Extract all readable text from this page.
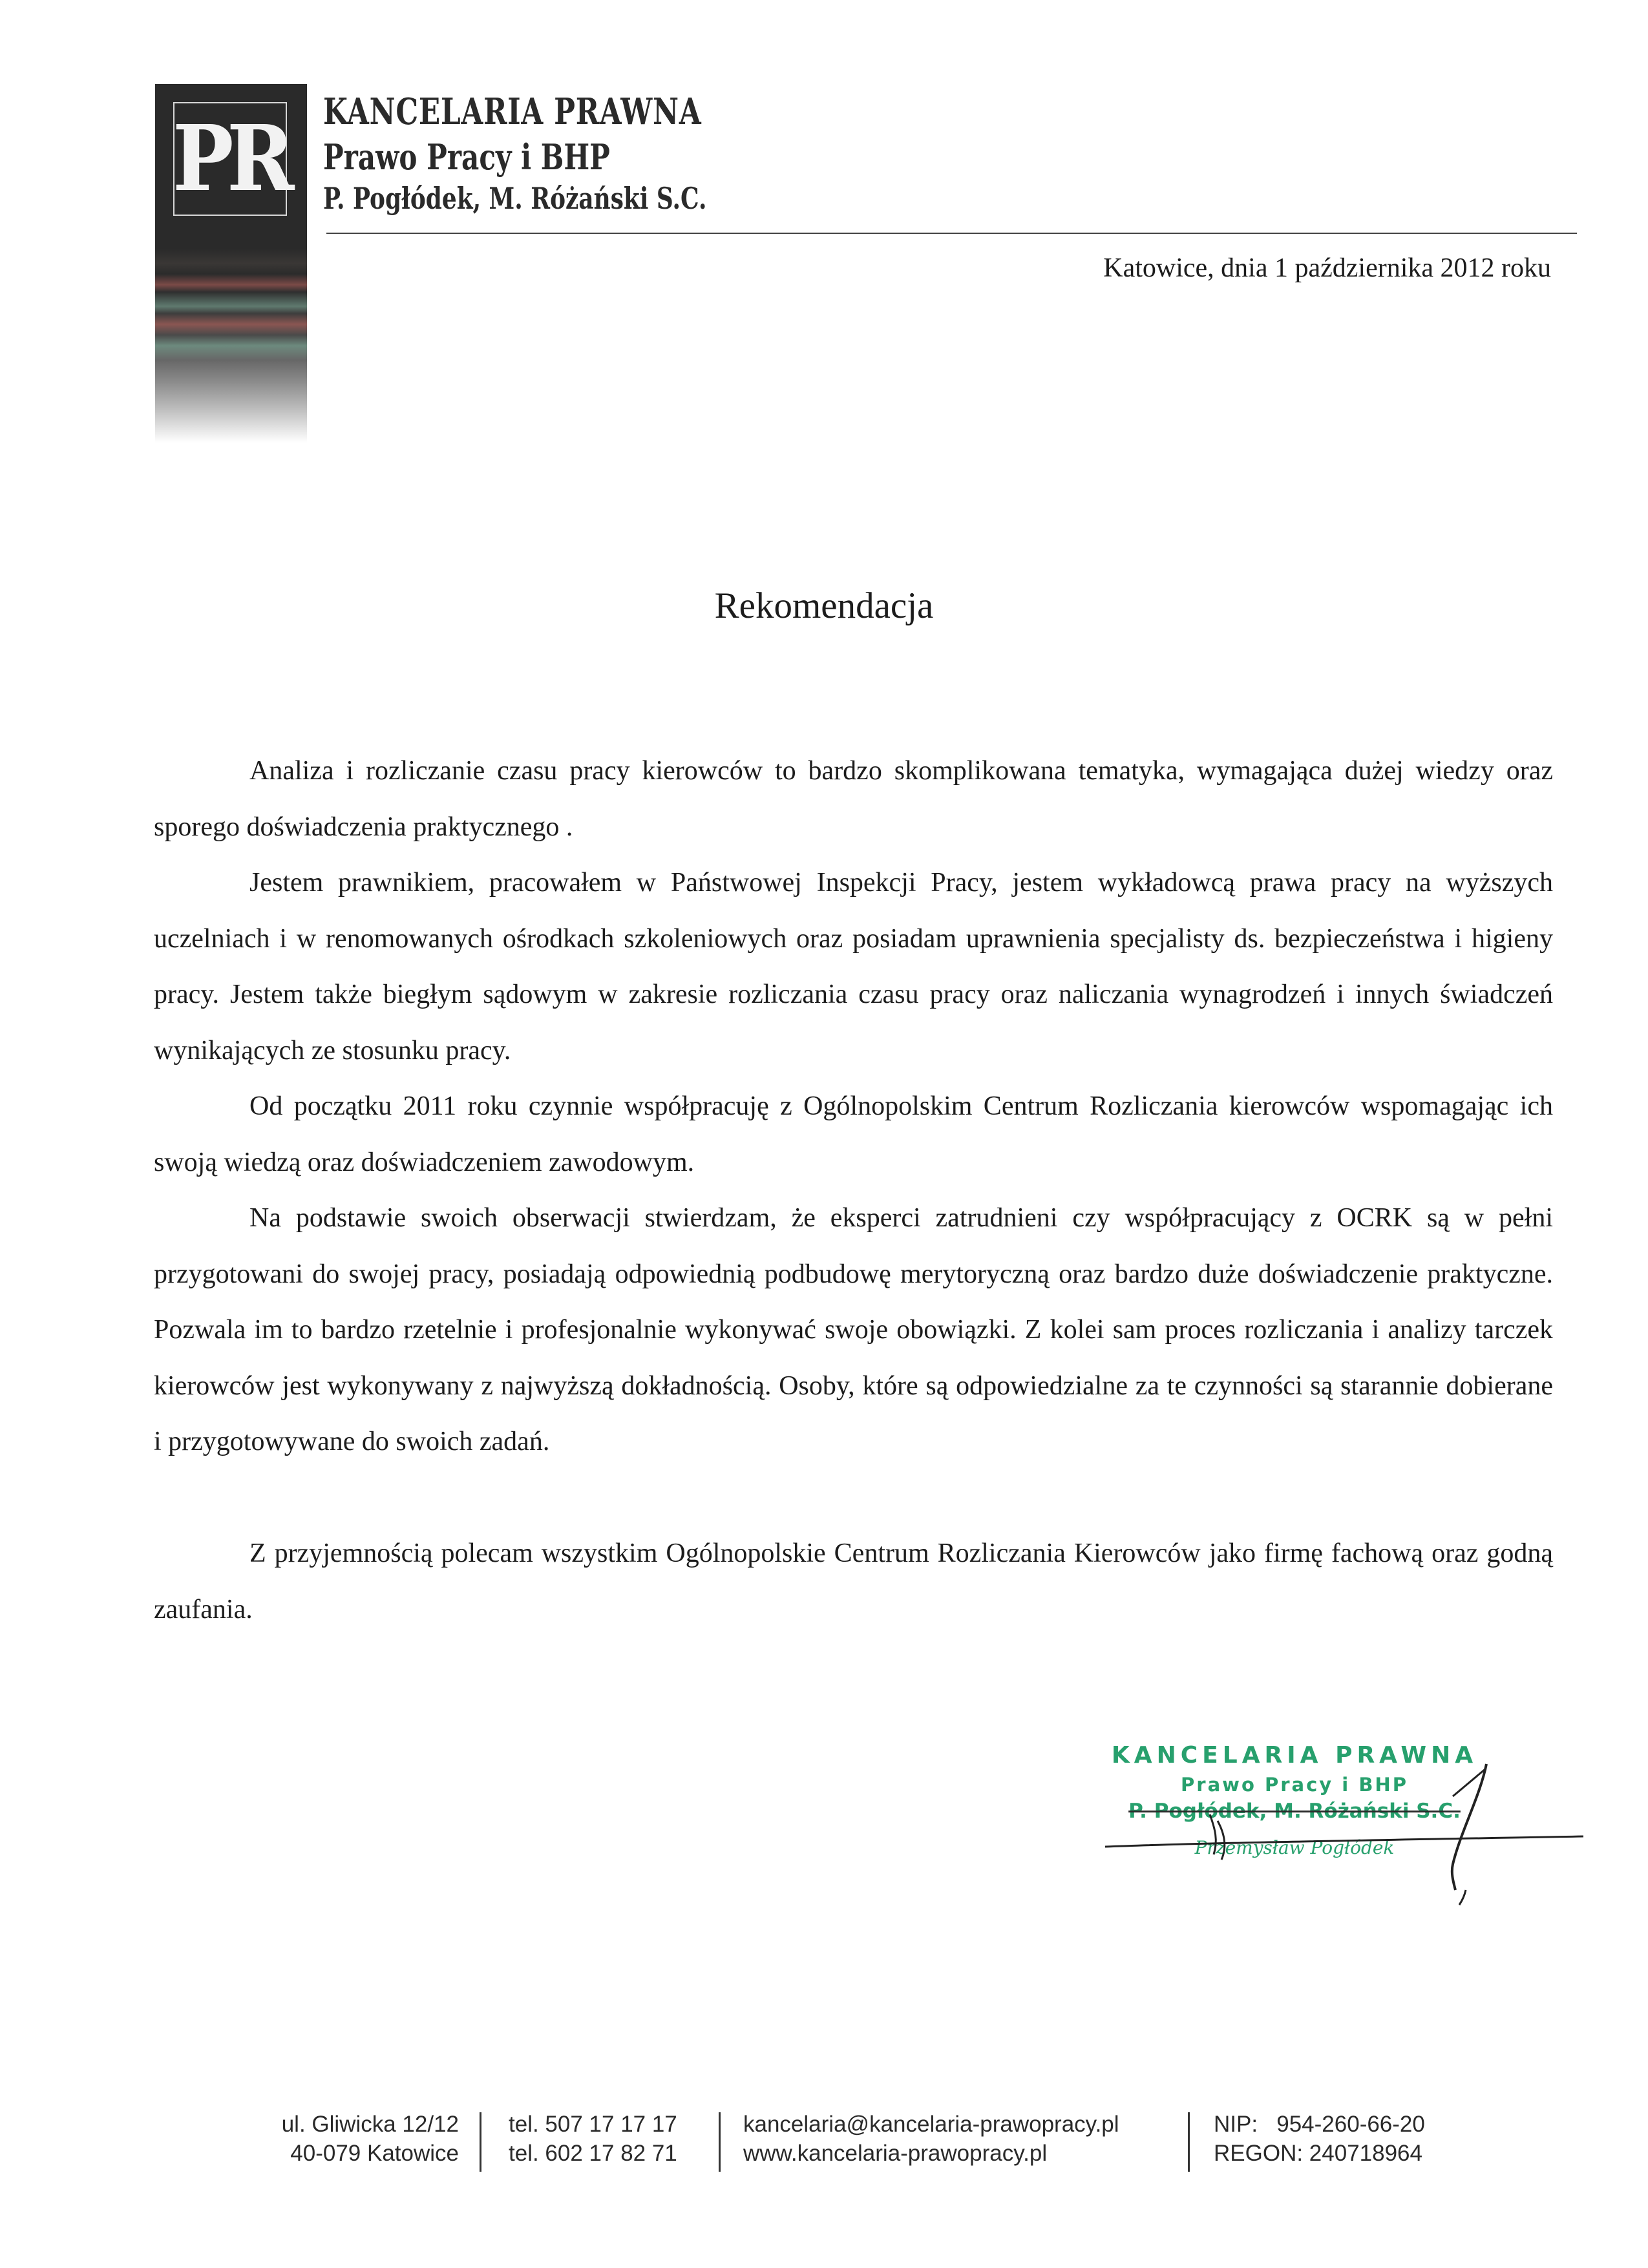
PR KANCELARIA PRAWNA
Prawo Pracy i BHP
P. Pogłódek, M. Różański S.C.
Katowice, dnia 1 października 2012 roku
Rekomendacja

Analiza i rozliczanie czasu pracy kierowców to bardzo skomplikowana tematyka, wymagająca dużej wiedzy oraz sporego doświadczenia praktycznego .

Jestem prawnikiem, pracowałem w Państwowej Inspekcji Pracy, jestem wykładowcą prawa pracy na wyższych uczelniach i w renomowanych ośrodkach szkoleniowych oraz posiadam uprawnienia specjalisty ds. bezpieczeństwa i higieny pracy. Jestem także biegłym sądowym w zakresie rozliczania czasu pracy oraz naliczania wynagrodzeń i innych świadczeń wynikających ze stosunku pracy.

Od początku 2011 roku czynnie współpracuję z Ogólnopolskim Centrum Rozliczania kierowców wspomagając ich swoją wiedzą oraz doświadczeniem zawodowym.

Na podstawie swoich obserwacji stwierdzam, że eksperci zatrudnieni czy współpracujący z OCRK są w pełni przygotowani do swojej pracy, posiadają odpowiednią podbudowę merytoryczną oraz bardzo duże doświadczenie praktyczne. Pozwala im to bardzo rzetelnie i profesjonalnie wykonywać swoje obowiązki. Z kolei sam proces rozliczania i analizy tarczek kierowców jest wykonywany z najwyższą dokładnością. Osoby, które są odpowiedzialne za te czynności są starannie dobierane i przygotowywane do swoich zadań.

Z przyjemnością polecam wszystkim Ogólnopolskie Centrum Rozliczania Kierowców jako firmę fachową oraz godną zaufania.

KANCELARIA PRAWNA
Prawo Pracy i BHP
P. Pogłódek, M. Różański S.C.
Przemysław Pogłódek
ul. Gliwicka 12/12
40-079 Katowice
tel. 507 17 17 17
tel. 602 17 82 71
kancelaria@kancelaria-prawopracy.pl
www.kancelaria-prawopracy.pl
NIP:   954-260-66-20
REGON: 240718964
